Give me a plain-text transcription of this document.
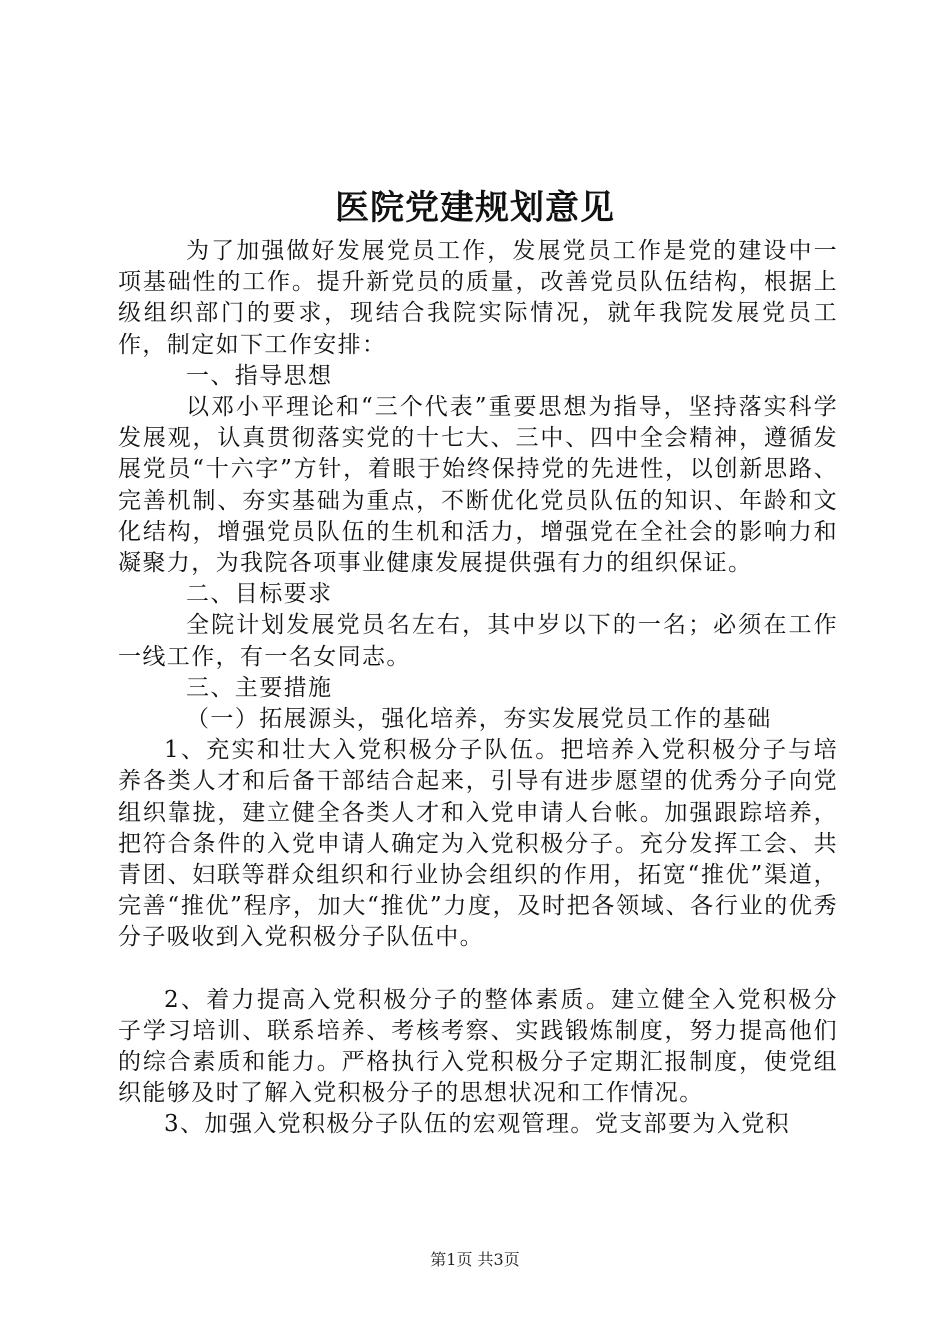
医院党建规划意见

为了加强做好发展党员工作，发展党员工作是党的建设中一项基础性的工作。提升新党员的质量，改善党员队伍结构，根据上级组织部门的要求，现结合我院实际情况，就年我院发展党员工作，制定如下工作安排：

一、指导思想

以邓小平理论和“三个代表”重要思想为指导，坚持落实科学发展观，认真贯彻落实党的十七大、三中、四中全会精神，遵循发展党员“十六字”方针，着眼于始终保持党的先进性，以创新思路、完善机制、夯实基础为重点，不断优化党员队伍的知识、年龄和文化结构，增强党员队伍的生机和活力，增强党在全社会的影响力和凝聚力，为我院各项事业健康发展提供强有力的组织保证。

二、目标要求

全院计划发展党员名左右，其中岁以下的一名；必须在工作一线工作，有一名女同志。

三、主要措施

（一）拓展源头，强化培养，夯实发展党员工作的基础

1、充实和壮大入党积极分子队伍。把培养入党积极分子与培养各类人才和后备干部结合起来，引导有进步愿望的优秀分子向党组织靠拢，建立健全各类人才和入党申请人台帐。加强跟踪培养，把符合条件的入党申请人确定为入党积极分子。充分发挥工会、共青团、妇联等群众组织和行业协会组织的作用，拓宽“推优”渠道，完善“推优”程序，加大“推优”力度，及时把各领域、各行业的优秀分子吸收到入党积极分子队伍中。

2、着力提高入党积极分子的整体素质。建立健全入党积极分子学习培训、联系培养、考核考察、实践锻炼制度，努力提高他们的综合素质和能力。严格执行入党积极分子定期汇报制度，使党组织能够及时了解入党积极分子的思想状况和工作情况。

3、加强入党积极分子队伍的宏观管理。党支部要为入党积

第1页 共3页
